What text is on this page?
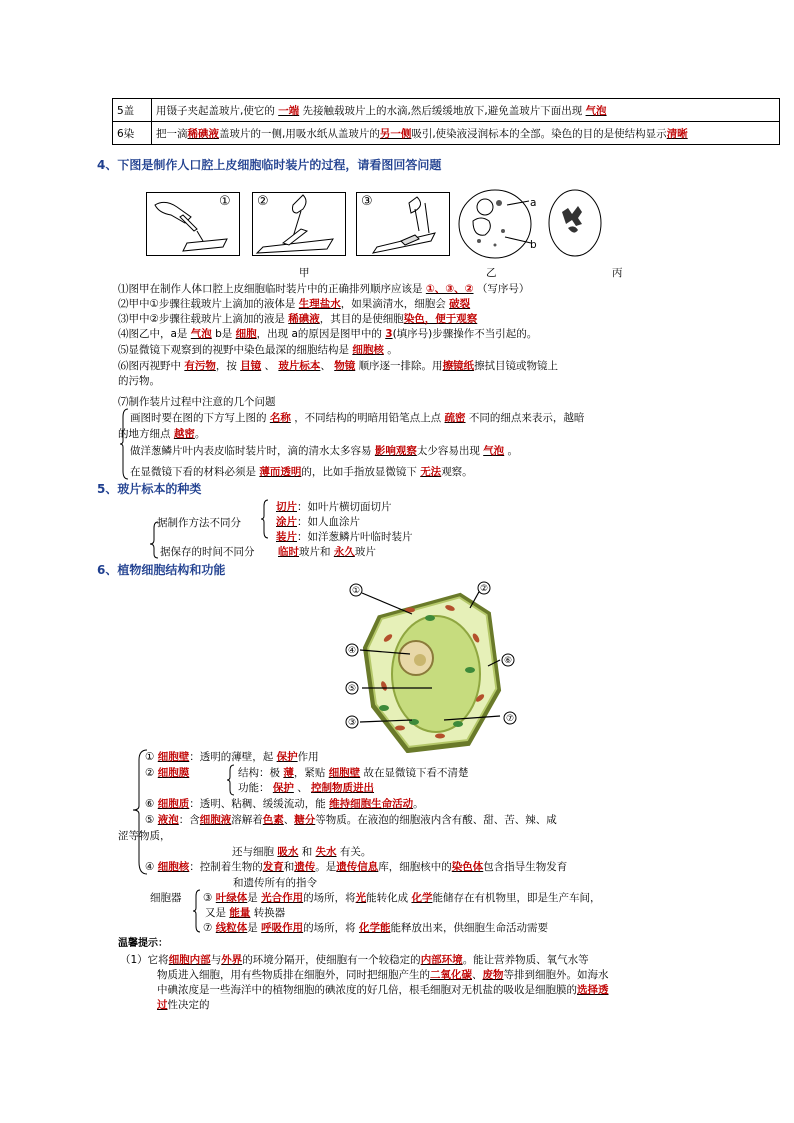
5盖	用镊子夹起盖玻片,使它的 一端 先接触载玻片上的水滴,然后缓缓地放下,避免盖玻片下面出现 气泡
6染	把一滴稀碘液盖玻片的一侧,用吸水纸从盖玻片的另一侧吸引,使染液浸润标本的全部。染色的目的是使结构显示清晰
4、下图是制作人口腔上皮细胞临时装片的过程，请看图回答问题
① ②	③	a
b
甲	乙	丙
⑴图甲在制作人体口腔上皮细胞临时装片中的正确排列顺序应该是 ①、③、② （写序号）
⑵甲中①步骤往载玻片上滴加的液体是 生理盐水，如果滴清水，细胞会 破裂
⑶甲中②步骤往载玻片上滴加的液是 稀碘液，其目的是使细胞染色，便于观察
⑷图乙中，a是 气泡 b是 细胞，出现 a的原因是图甲中的 3(填序号)步骤操作不当引起的。
⑸显微镜下观察到的视野中染色最深的细胞结构是 细胞核 。
⑹图丙视野中 有污物，按 目镜 、 玻片标本、 物镜 顺序逐一排除。用擦镜纸擦拭目镜或物镜上
的污物。
⑺制作装片过程中注意的几个问题
画图时要在图的下方写上图的 名称 ，不同结构的明暗用铅笔点上点 疏密 不同的细点来表示，越暗
的地方细点 越密。
做洋葱鳞片叶内表皮临时装片时，滴的清水太多容易 影响观察太少容易出现 气泡 。
在显微镜下看的材料必须是 薄而透明的，比如手指放显微镜下 无法观察。
5、玻片标本的种类
据制作方法不同分
据保存的时间不同分
切片：如叶片横切面切片
涂片：如人血涂片
装片：如洋葱鳞片叶临时装片
临时玻片和 永久玻片
6、植物细胞结构和功能
①	②
④
⑤
⑥
③	⑦
① 细胞壁：透明的薄壁，起 保护作用
② 细胞膜	结构：极 薄，紧贴 细胞壁 故在显微镜下看不清楚
功能： 保护 、 控制物质进出
⑥ 细胞质：透明、粘稠、缓缓流动，能 维持细胞生命活动。
⑤ 液泡：含细胞液溶解着色素、糖分等物质。在液泡的细胞液内含有酸、甜、苦、辣、咸
涩等物质，
还与细胞 吸水 和 失水 有关。
④ 细胞核：控制着生物的发育和遗传。是遗传信息库，细胞核中的染色体包含指导生物发育
和遗传所有的指令
细胞器 ③ 叶绿体是 光合作用的场所，将光能转化成 化学能储存在有机物里，即是生产车间，
又是 能量 转换器
⑦ 线粒体是 呼吸作用的场所，将 化学能能释放出来，供细胞生命活动需要
温馨提示：
（1）它将细胞内部与外界的环境分隔开，使细胞有一个较稳定的内部环境。能让营养物质、氧气水等
物质进入细胞，用有些物质排在细胞外，同时把细胞产生的二氧化碳、废物等排到细胞外。如海水
中碘浓度是一些海洋中的植物细胞的碘浓度的好几倍，根毛细胞对无机盐的吸收是细胞膜的选择透
过性决定的
